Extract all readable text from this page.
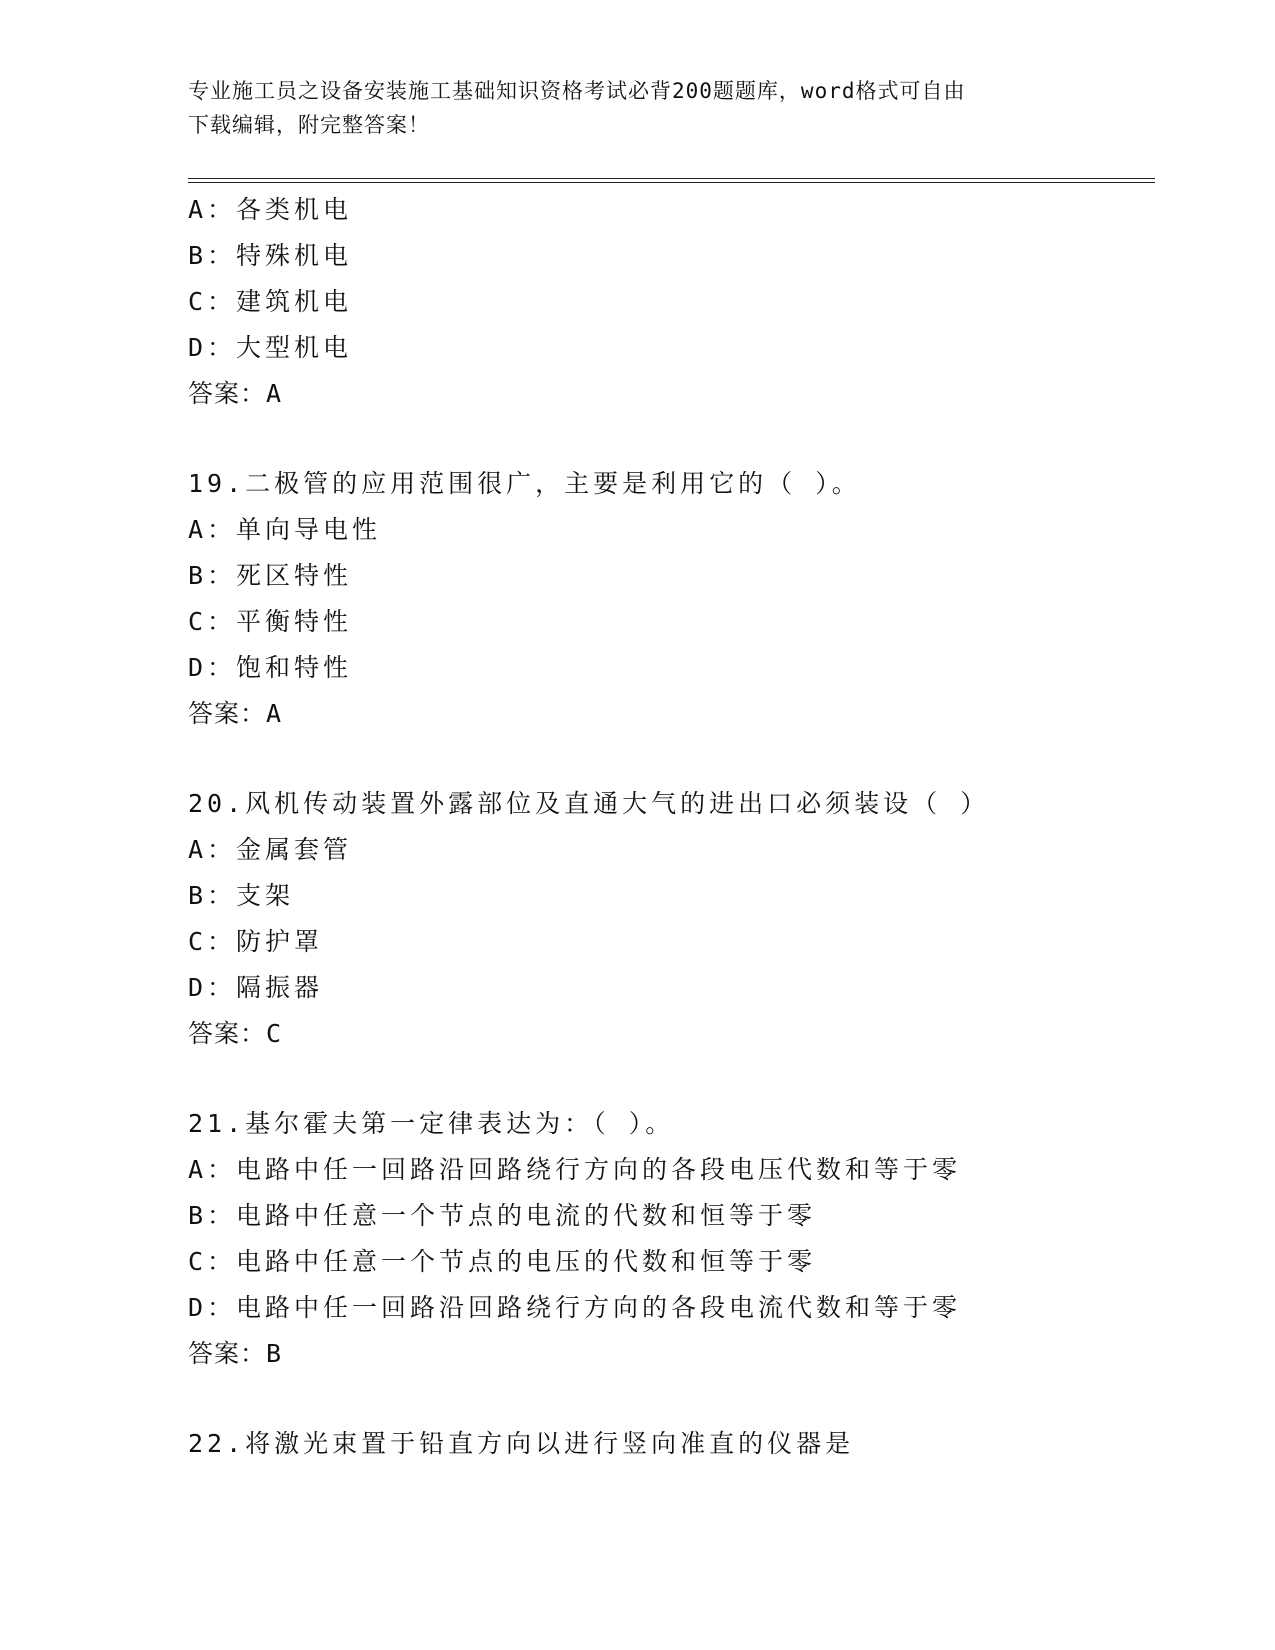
专业施工员之设备安装施工基础知识资格考试必背200题题库，word格式可自由
下载编辑，附完整答案！
A：各类机电
B：特殊机电
C：建筑机电
D：大型机电
答案：A
19.二极管的应用范围很广，主要是利用它的（ ）。
A：单向导电性
B：死区特性
C：平衡特性
D：饱和特性
答案：A
20.风机传动装置外露部位及直通大气的进出口必须装设（ ）
A：金属套管
B：支架
C：防护罩
D：隔振器
答案：C
21.基尔霍夫第一定律表达为：（ ）。
A：电路中任一回路沿回路绕行方向的各段电压代数和等于零
B：电路中任意一个节点的电流的代数和恒等于零
C：电路中任意一个节点的电压的代数和恒等于零
D：电路中任一回路沿回路绕行方向的各段电流代数和等于零
答案：B
22.将激光束置于铅直方向以进行竖向准直的仪器是
